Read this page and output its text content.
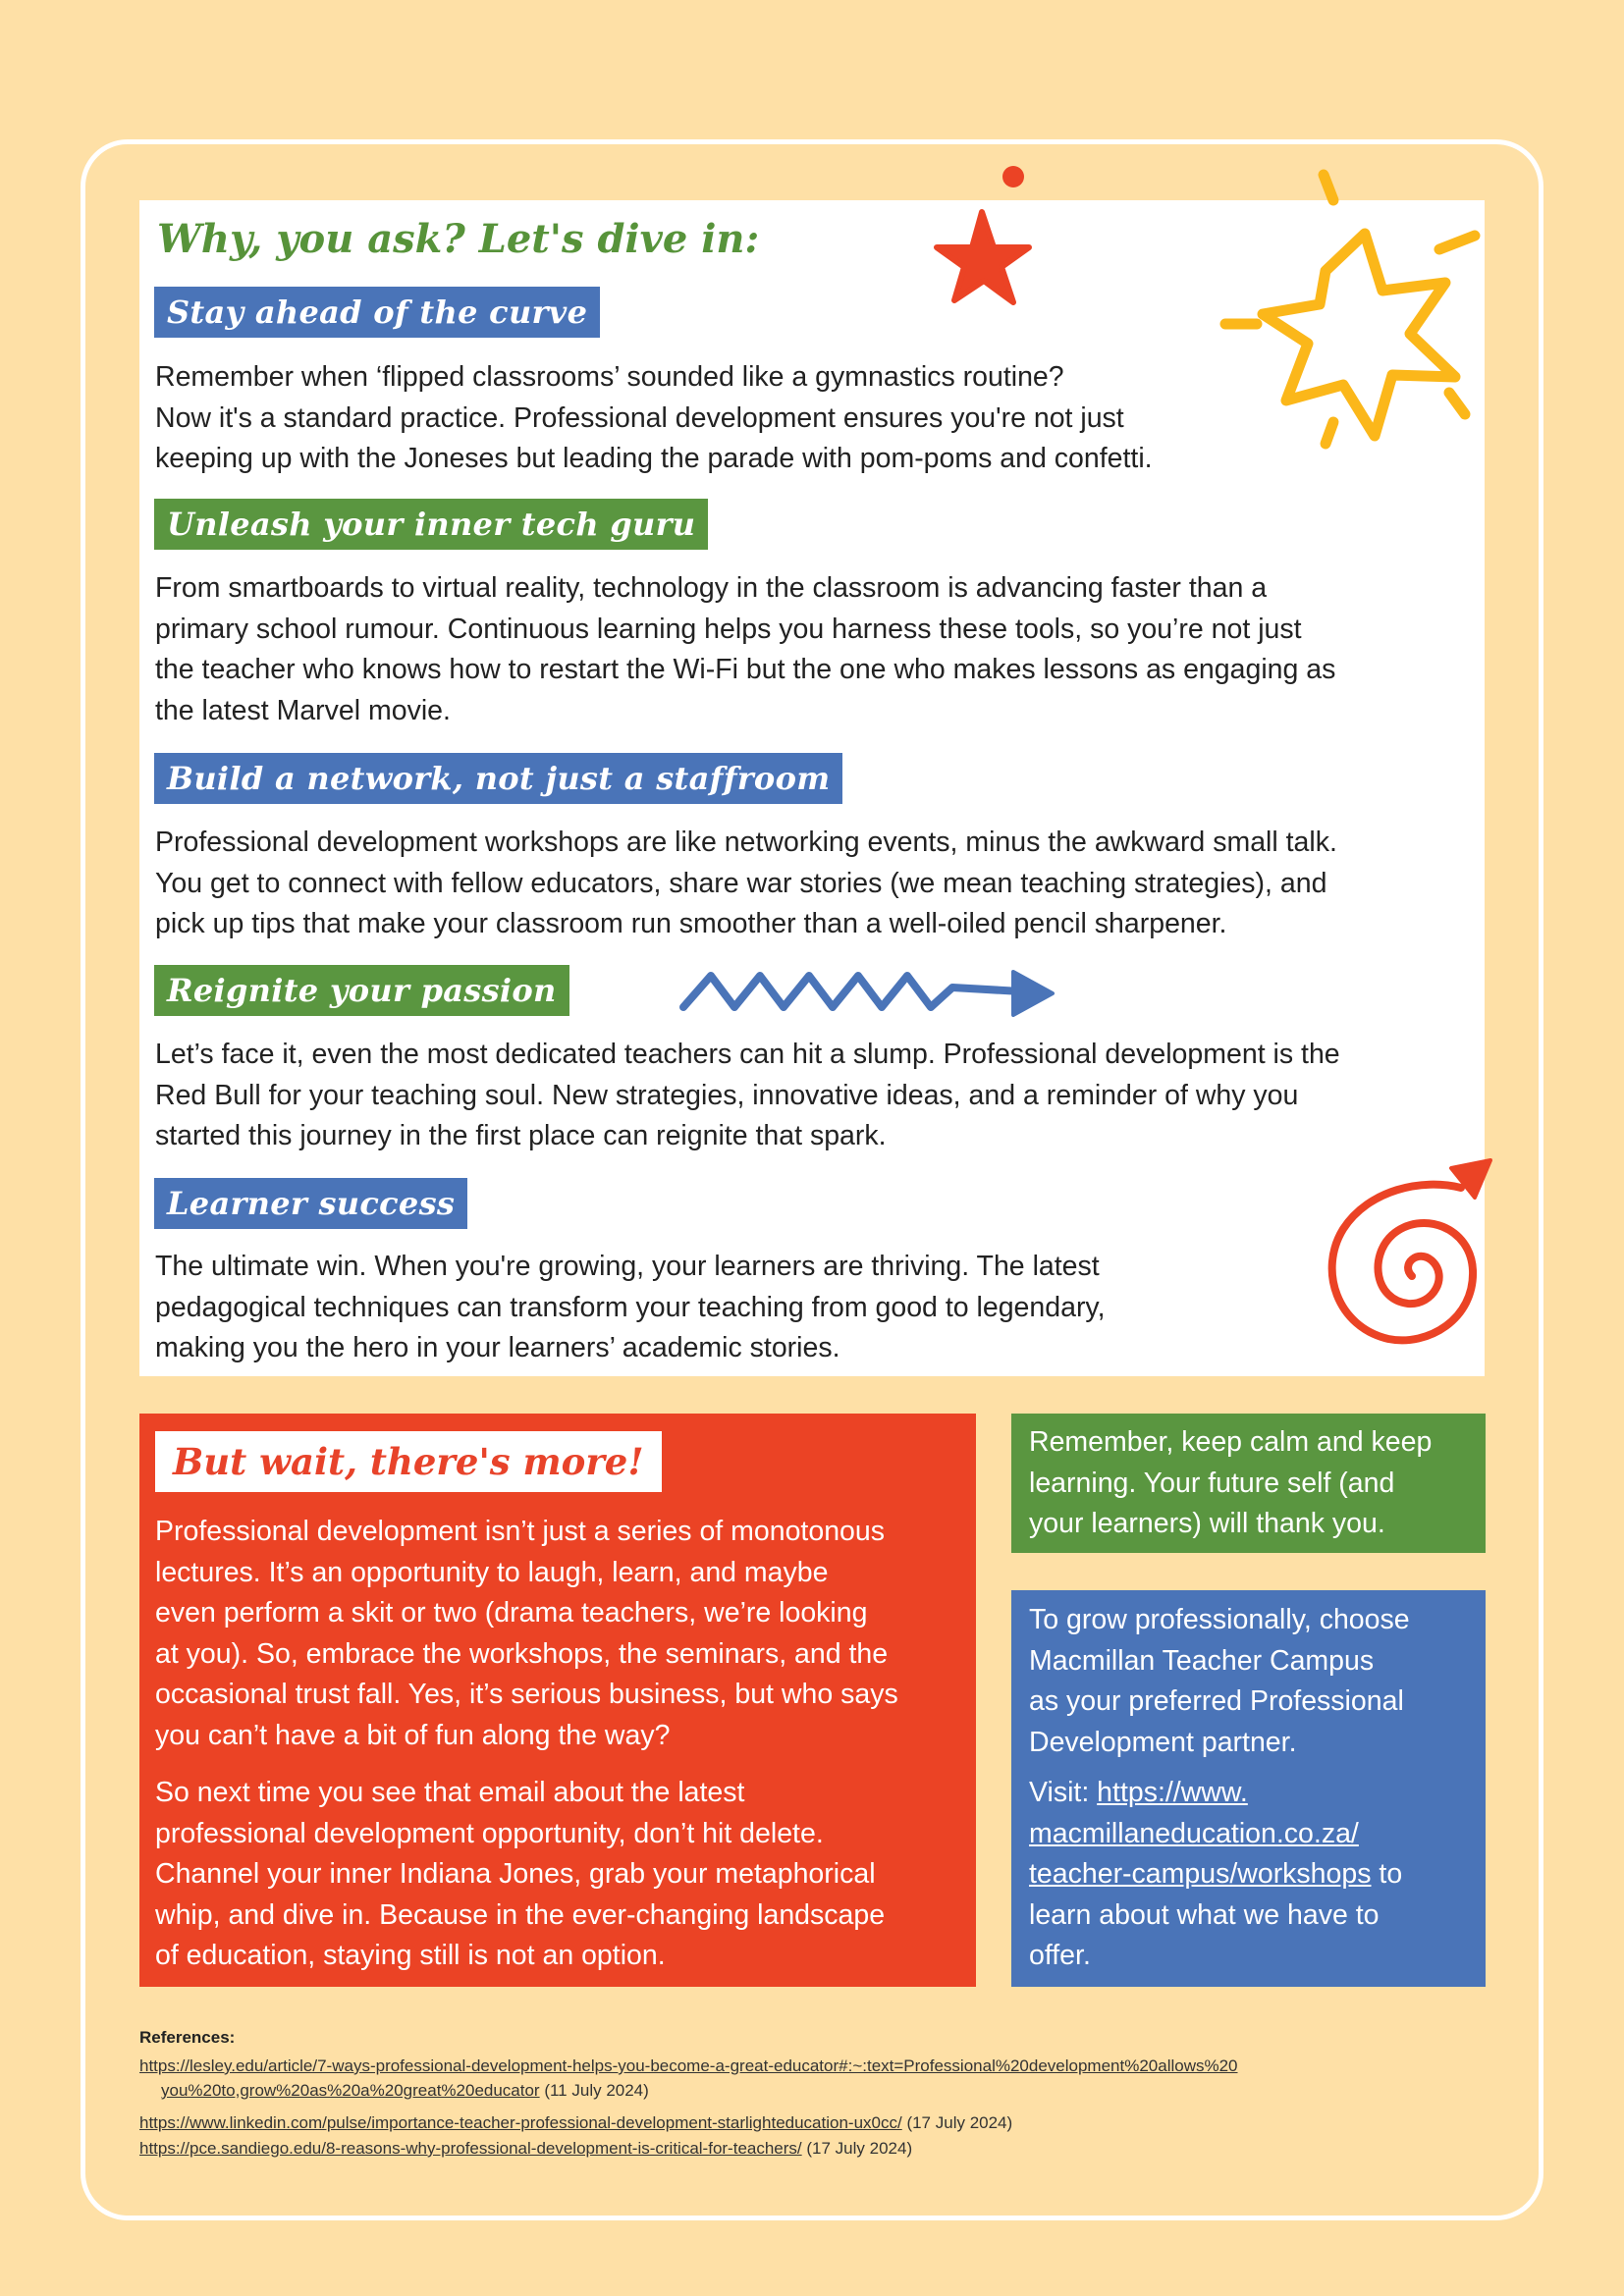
Why, you ask? Let's dive in:
Stay ahead of the curve

Remember when ‘flipped classrooms’ sounded like a gymnastics routine?
Now it's a standard practice. Professional development ensures you're not just
keeping up with the Joneses but leading the parade with pom-poms and confetti.

Unleash your inner tech guru

From smartboards to virtual reality, technology in the classroom is advancing faster than a
primary school rumour. Continuous learning helps you harness these tools, so you’re not just
the teacher who knows how to restart the Wi-Fi but the one who makes lessons as engaging as
the latest Marvel movie.

Build a network, not just a staffroom

Professional development workshops are like networking events, minus the awkward small talk.
You get to connect with fellow educators, share war stories (we mean teaching strategies), and
pick up tips that make your classroom run smoother than a well-oiled pencil sharpener.

Reignite your passion

Let’s face it, even the most dedicated teachers can hit a slump. Professional development is the
Red Bull for your teaching soul. New strategies, innovative ideas, and a reminder of why you
started this journey in the first place can reignite that spark.

Learner success

The ultimate win. When you're growing, your learners are thriving. The latest
pedagogical techniques can transform your teaching from good to legendary,
making you the hero in your learners’ academic stories.

But wait, there's more!

Professional development isn’t just a series of monotonous
lectures. It’s an opportunity to laugh, learn, and maybe
even perform a skit or two (drama teachers, we’re looking
at you). So, embrace the workshops, the seminars, and the
occasional trust fall. Yes, it’s serious business, but who says
you can’t have a bit of fun along the way?

So next time you see that email about the latest
professional development opportunity, don’t hit delete.
Channel your inner Indiana Jones, grab your metaphorical
whip, and dive in. Because in the ever-changing landscape
of education, staying still is not an option.

Remember, keep calm and keep
learning. Your future self (and
your learners) will thank you.

To grow professionally, choose
Macmillan Teacher Campus
as your preferred Professional
Development partner.

Visit: https://www.
macmillaneducation.co.za/
teacher-campus/workshops to
learn about what we have to
offer.

References:

https://lesley.edu/article/7-ways-professional-development-helps-you-become-a-great-educator#:~:text=Professional%20development%20allows%20
you%20to,grow%20as%20a%20great%20educator (11 July 2024)

https://www.linkedin.com/pulse/importance-teacher-professional-development-starlighteducation-ux0cc/ (17 July 2024)

https://pce.sandiego.edu/8-reasons-why-professional-development-is-critical-for-teachers/ (17 July 2024)
